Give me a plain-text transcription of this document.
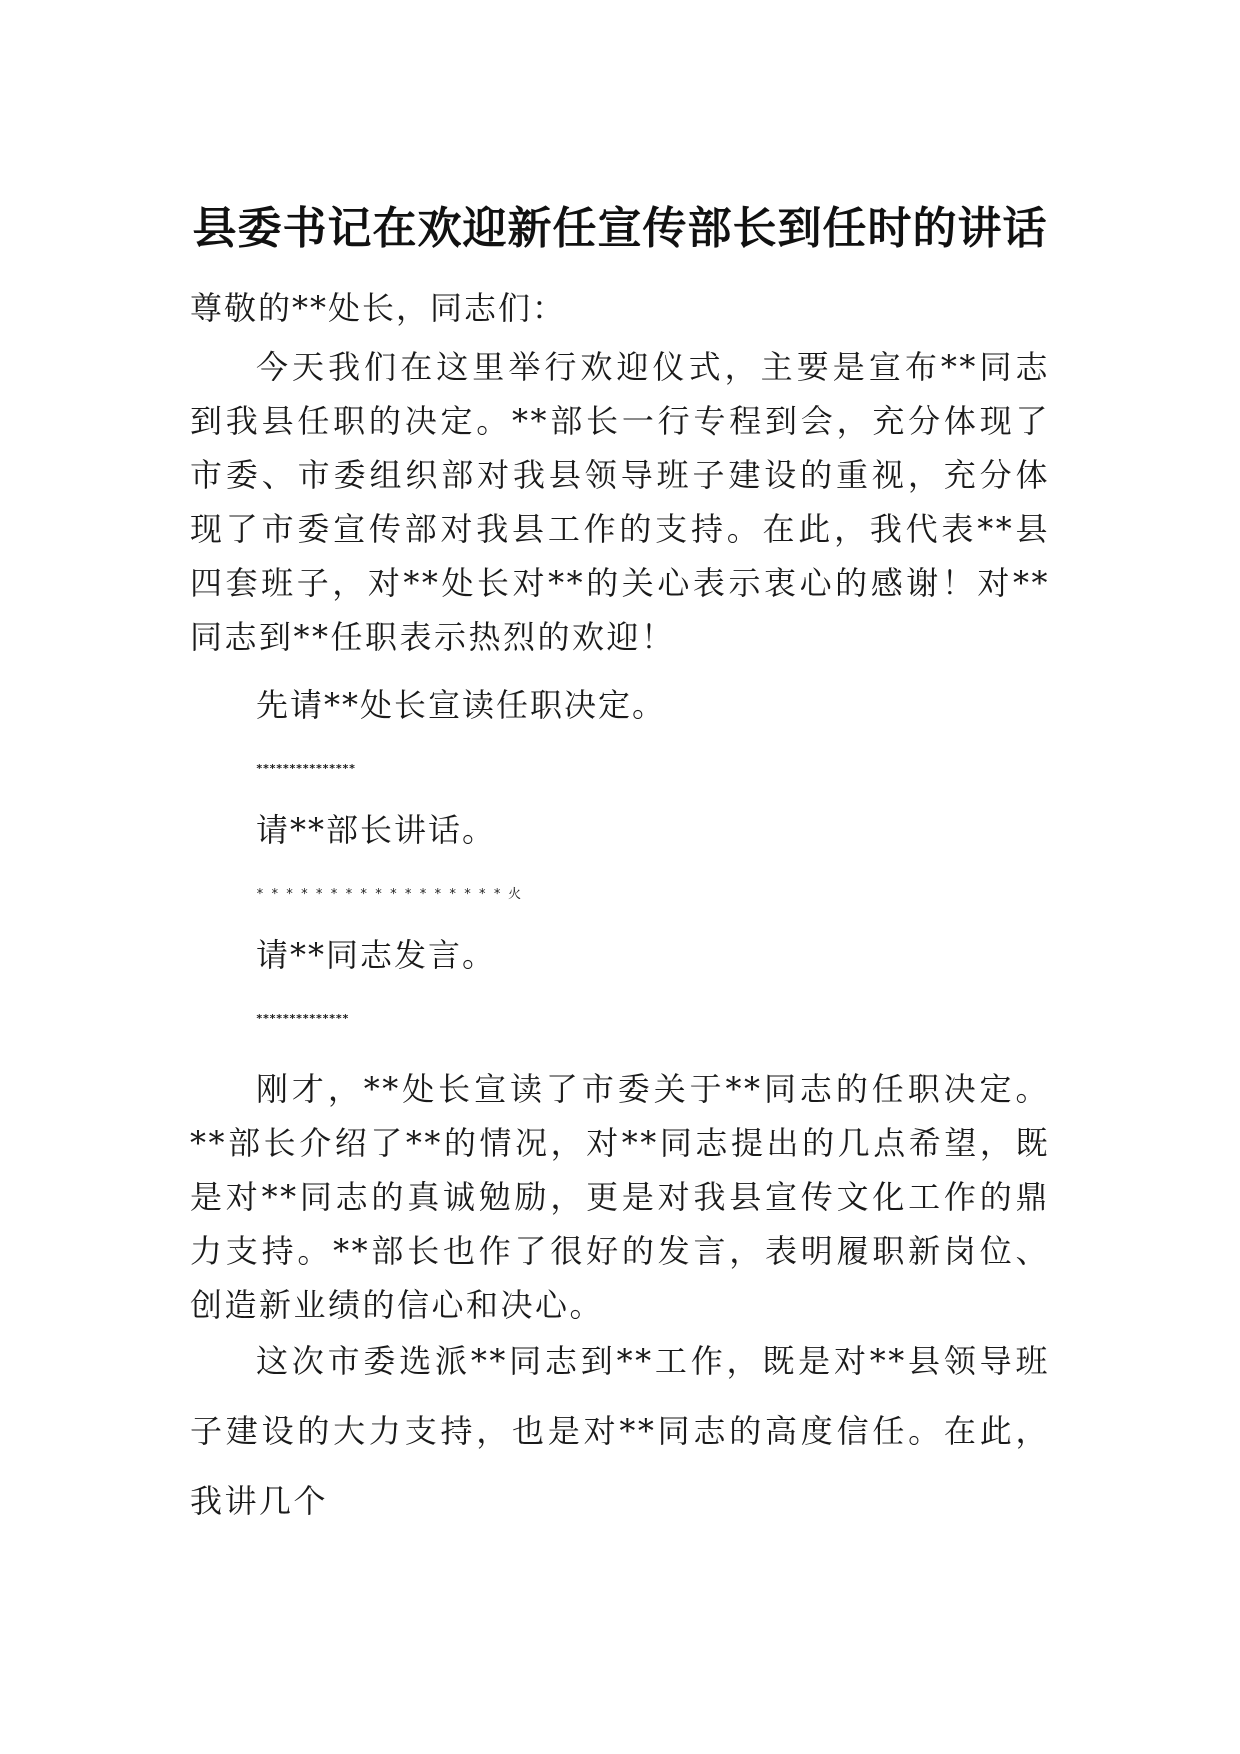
县委书记在欢迎新任宣传部长到任时的讲话

尊敬的**处长，同志们：

今天我们在这里举行欢迎仪式，主要是宣布**同志到我县任职的决定。**部长一行专程到会，充分体现了市委、市委组织部对我县领导班子建设的重视，充分体现了市委宣传部对我县工作的支持。在此，我代表**县四套班子，对**处长对**的关心表示衷心的感谢！对**同志到**任职表示热烈的欢迎！

先请**处长宣读任职决定。

***************

请**部长讲话。

*****************火

请**同志发言。

**************

刚才，**处长宣读了市委关于**同志的任职决定。**部长介绍了**的情况，对**同志提出的几点希望，既是对**同志的真诚勉励，更是对我县宣传文化工作的鼎力支持。**部长也作了很好的发言，表明履职新岗位、创造新业绩的信心和决心。

这次市委选派**同志到**工作，既是对**县领导班子建设的大力支持，也是对**同志的高度信任。在此，我讲几个
